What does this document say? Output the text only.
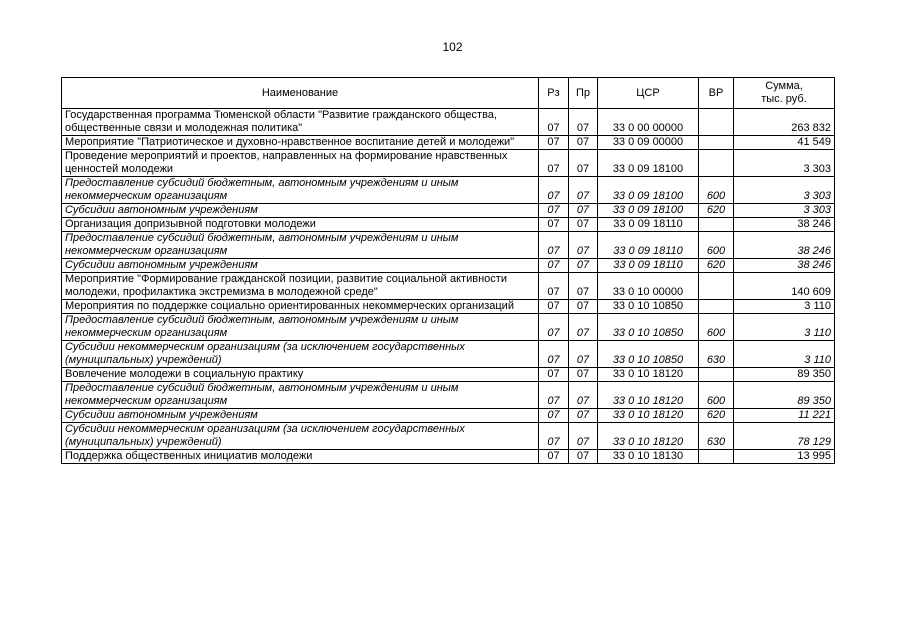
102
Наименование	Рз	Пр	ЦСР	ВР	Сумма,
тыс. руб.
Государственная программа Тюменской области "Развитие гражданского общества, общественные связи и молодежная политика"	07	07	33 0 00 00000		263 832
Мероприятие "Патриотическое и духовно-нравственное воспитание детей и молодежи"	07	07	33 0 09 00000		41 549
Проведение мероприятий и проектов, направленных на формирование нравственных ценностей молодежи	07	07	33 0 09 18100		3 303
Предоставление субсидий бюджетным, автономным учреждениям и иным некоммерческим организациям	07	07	33 0 09 18100	600	3 303
Субсидии автономным учреждениям	07	07	33 0 09 18100	620	3 303
Организация допризывной подготовки молодежи	07	07	33 0 09 18110		38 246
Предоставление субсидий бюджетным, автономным учреждениям и иным некоммерческим организациям	07	07	33 0 09 18110	600	38 246
Субсидии автономным учреждениям	07	07	33 0 09 18110	620	38 246
Мероприятие "Формирование гражданской позиции, развитие социальной активности молодежи, профилактика экстремизма в молодежной среде"	07	07	33 0 10 00000		140 609
Мероприятия по поддержке социально ориентированных некоммерческих организаций	07	07	33 0 10 10850		3 110
Предоставление субсидий бюджетным, автономным учреждениям и иным некоммерческим организациям	07	07	33 0 10 10850	600	3 110
Субсидии некоммерческим организациям (за исключением государственных (муниципальных) учреждений)	07	07	33 0 10 10850	630	3 110
Вовлечение молодежи в социальную практику	07	07	33 0 10 18120		89 350
Предоставление субсидий бюджетным, автономным учреждениям и иным некоммерческим организациям	07	07	33 0 10 18120	600	89 350
Субсидии автономным учреждениям	07	07	33 0 10 18120	620	11 221
Субсидии некоммерческим организациям (за исключением государственных (муниципальных) учреждений)	07	07	33 0 10 18120	630	78 129
Поддержка общественных инициатив молодежи	07	07	33 0 10 18130		13 995
